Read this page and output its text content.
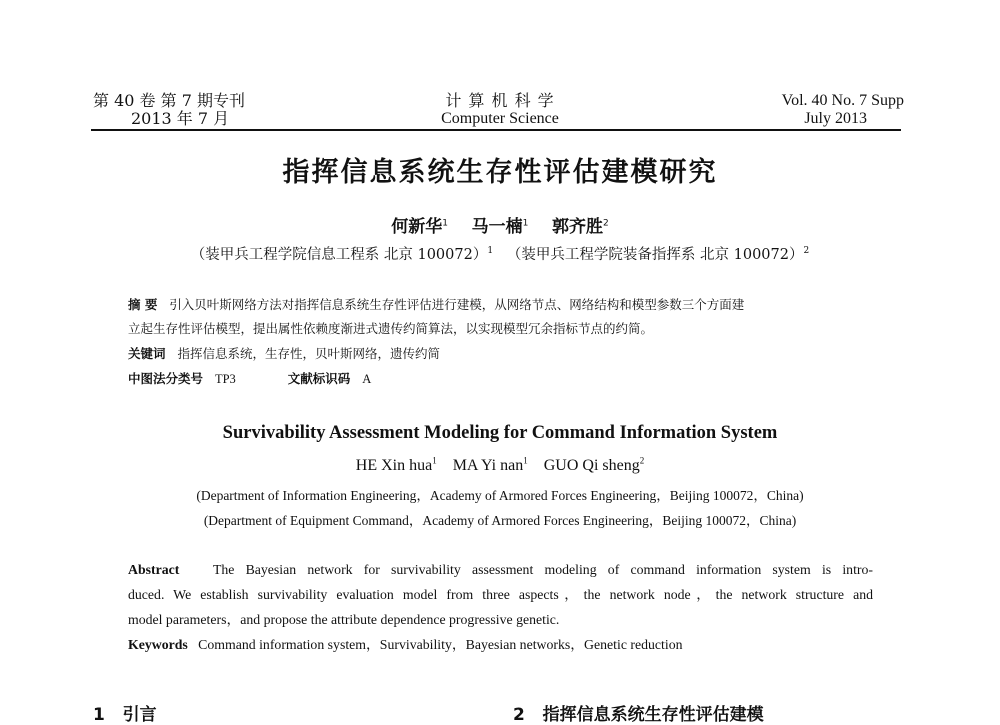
第 40 卷 第 7 期专刊
2013 年 7 月
计 算 机 科 学
Computer Science
Vol. 40 No. 7 Supp
July 2013
指挥信息系统生存性评估建模研究
何新华$^1$ 马一楠$^1$ 郭齐胜$^2$
（装甲兵工程学院信息工程系 北京 100072）$^1$ （装甲兵工程学院装备指挥系 北京 100072）$^2$
摘 要 引入贝叶斯网络方法对指挥信息系统生存性评估进行建模，从网络节点、网络结构和模型参数三个方面建
立起生存性评估模型，提出属性依赖度渐进式遗传约简算法，以实现模型冗余指标节点的约简。
关键词 指挥信息系统，生存性，贝叶斯网络，遗传约简
中图法分类号 TP3	文献标识码 A
Survivability Assessment Modeling for Command Information System
HE Xin hua$^1$ MA Yi nan$^1$ GUO Qi sheng$^2$
(Department of Information Engineering，Academy of Armored Forces Engineering，Beijing 100072，China)
(Department of Equipment Command，Academy of Armored Forces Engineering，Beijing 100072，China)
Abstract The Bayesian network for survivability assessment modeling of command information system is intro-
duced. We establish survivability evaluation model from three aspects，the network node，the network structure and
model parameters，and propose the attribute dependence progressive genetic.
Keywords Command information system，Survivability，Bayesian networks，Genetic reduction
1 引言	2 指挥信息系统生存性评估建模
